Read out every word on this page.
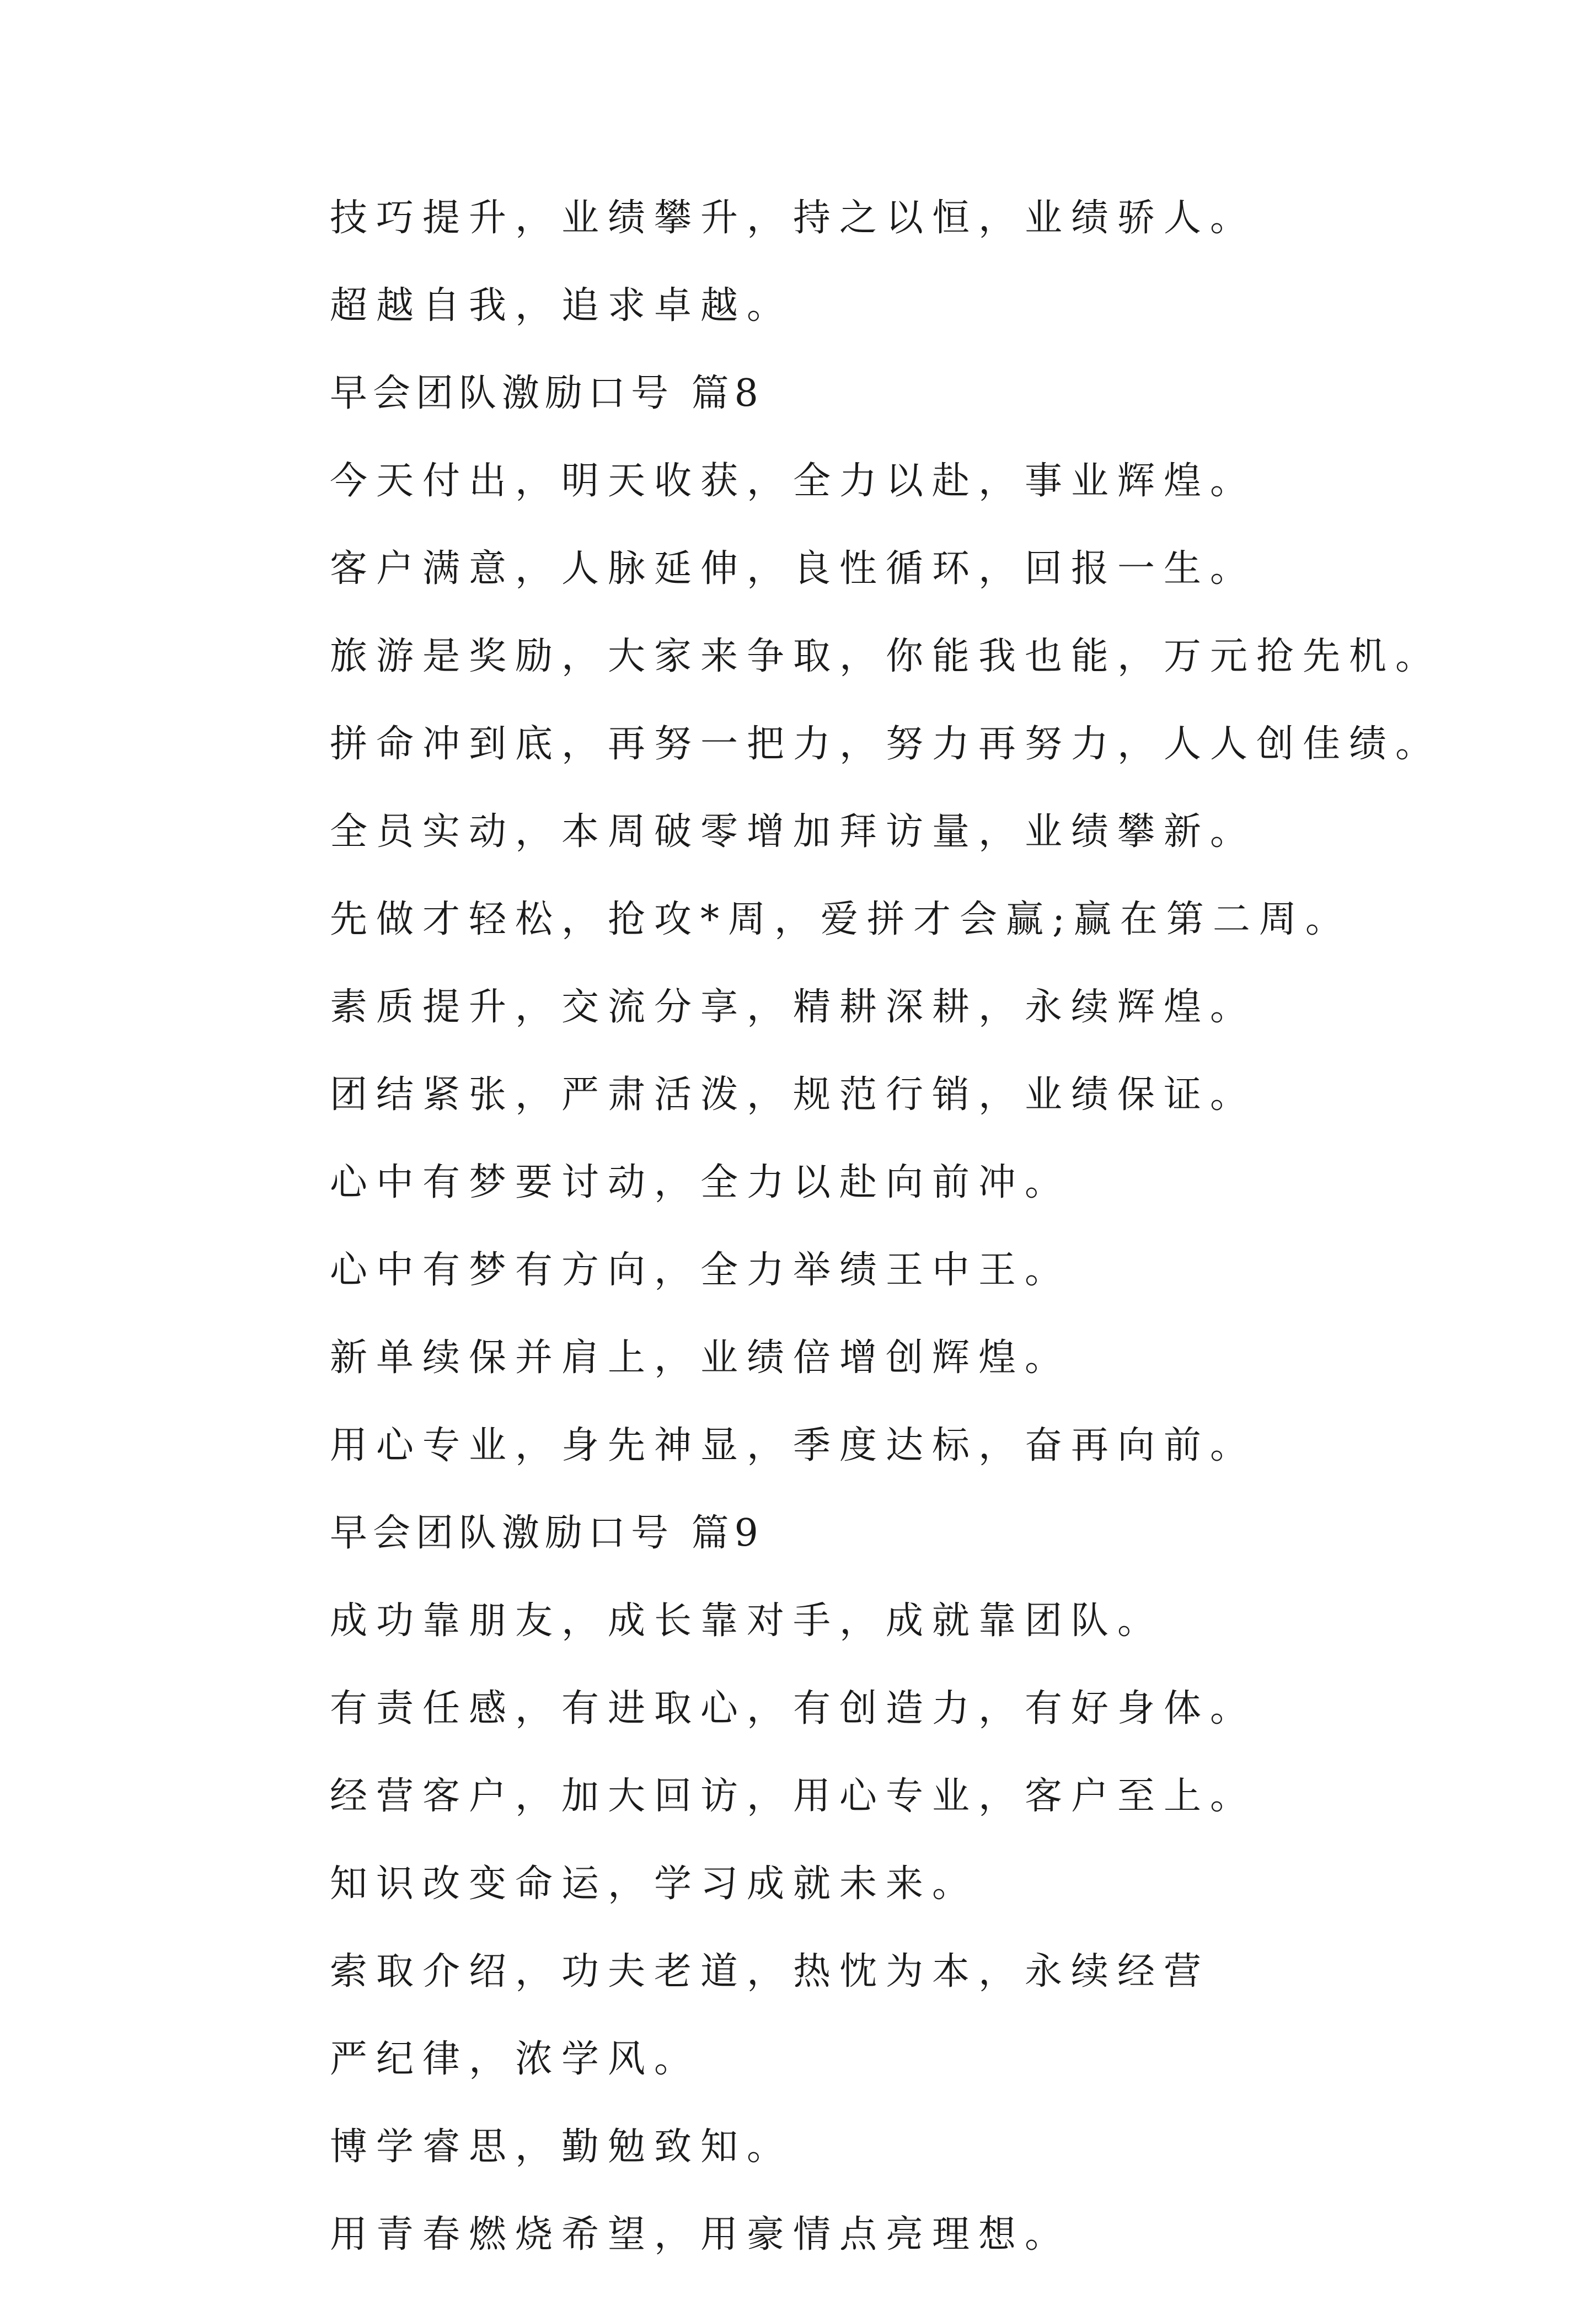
技巧提升，业绩攀升，持之以恒，业绩骄人。
超越自我，追求卓越。
早会团队激励口号 篇8
今天付出，明天收获，全力以赴，事业辉煌。
客户满意，人脉延伸，良性循环，回报一生。
旅游是奖励，大家来争取，你能我也能，万元抢先机。
拼命冲到底，再努一把力，努力再努力，人人创佳绩。
全员实动，本周破零增加拜访量，业绩攀新。
先做才轻松，抢攻*周，爱拼才会赢;赢在第二周。
素质提升，交流分享，精耕深耕，永续辉煌。
团结紧张，严肃活泼，规范行销，业绩保证。
心中有梦要讨动，全力以赴向前冲。
心中有梦有方向，全力举绩王中王。
新单续保并肩上，业绩倍增创辉煌。
用心专业，身先神显，季度达标，奋再向前。
早会团队激励口号 篇9
成功靠朋友，成长靠对手，成就靠团队。
有责任感，有进取心，有创造力，有好身体。
经营客户，加大回访，用心专业，客户至上。
知识改变命运，学习成就未来。
索取介绍，功夫老道，热忱为本，永续经营
严纪律，浓学风。
博学睿思，勤勉致知。
用青春燃烧希望，用豪情点亮理想。
